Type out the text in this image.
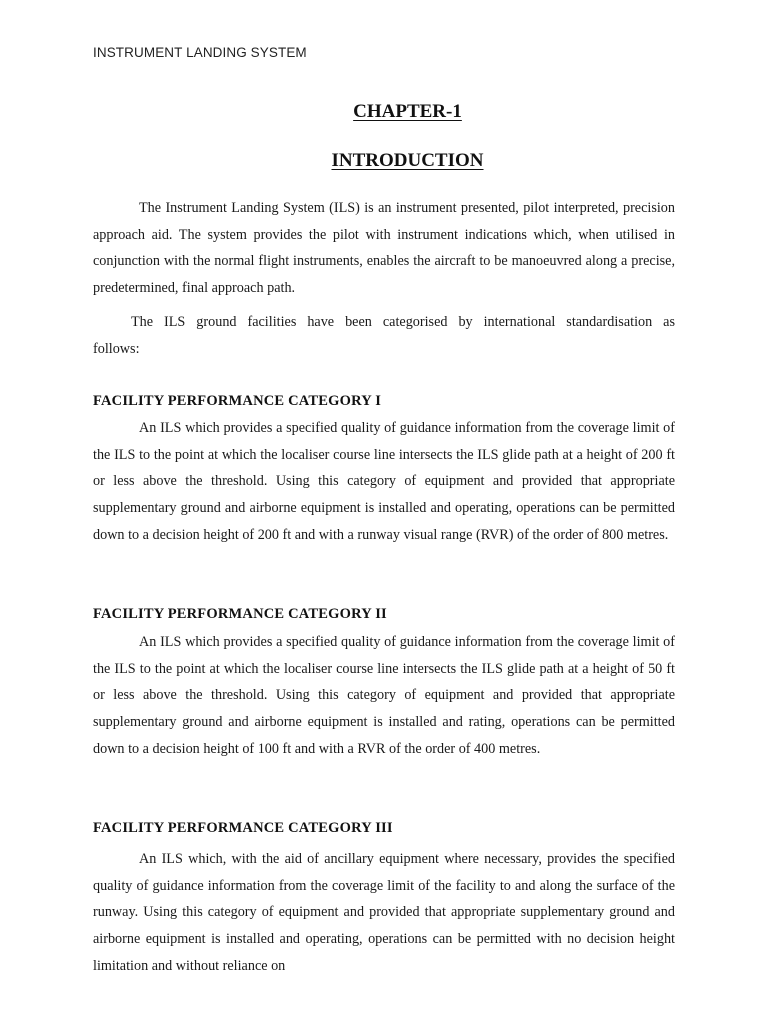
INSTRUMENT LANDING SYSTEM
CHAPTER-1
INTRODUCTION

The Instrument Landing System (ILS) is an instrument presented, pilot interpreted, precision approach aid. The system provides the pilot with instrument indications which, when utilised in conjunction with the normal flight instruments, enables the aircraft to be manoeuvred along a precise, predetermined, final approach path.

The ILS ground facilities have been categorised by international standardisation as follows:

FACILITY PERFORMANCE CATEGORY I

An ILS which provides a specified quality of guidance information from the coverage limit of the ILS to the point at which the localiser course line intersects the ILS glide path at a height of 200 ft or less above the threshold. Using this category of equipment and provided that appropriate supplementary ground and airborne equipment is installed and operating, operations can be permitted down to a decision height of 200 ft and with a runway visual range (RVR) of the order of 800 metres.

FACILITY PERFORMANCE CATEGORY II

An ILS which provides a specified quality of guidance information from the coverage limit of the ILS to the point at which the localiser course line intersects the ILS glide path at a height of 50 ft or less above the threshold. Using this category of equipment and provided that appropriate supplementary ground and airborne equipment is installed and rating, operations can be permitted down to a decision height of 100 ft and with a RVR of the order of 400 metres.

FACILITY PERFORMANCE CATEGORY III

An ILS which, with the aid of ancillary equipment where necessary, provides the specified quality of guidance information from the coverage limit of the facility to and along the surface of the runway. Using this category of equipment and provided that appropriate supplementary ground and airborne equipment is installed and operating, operations can be permitted with no decision height limitation and without reliance on
